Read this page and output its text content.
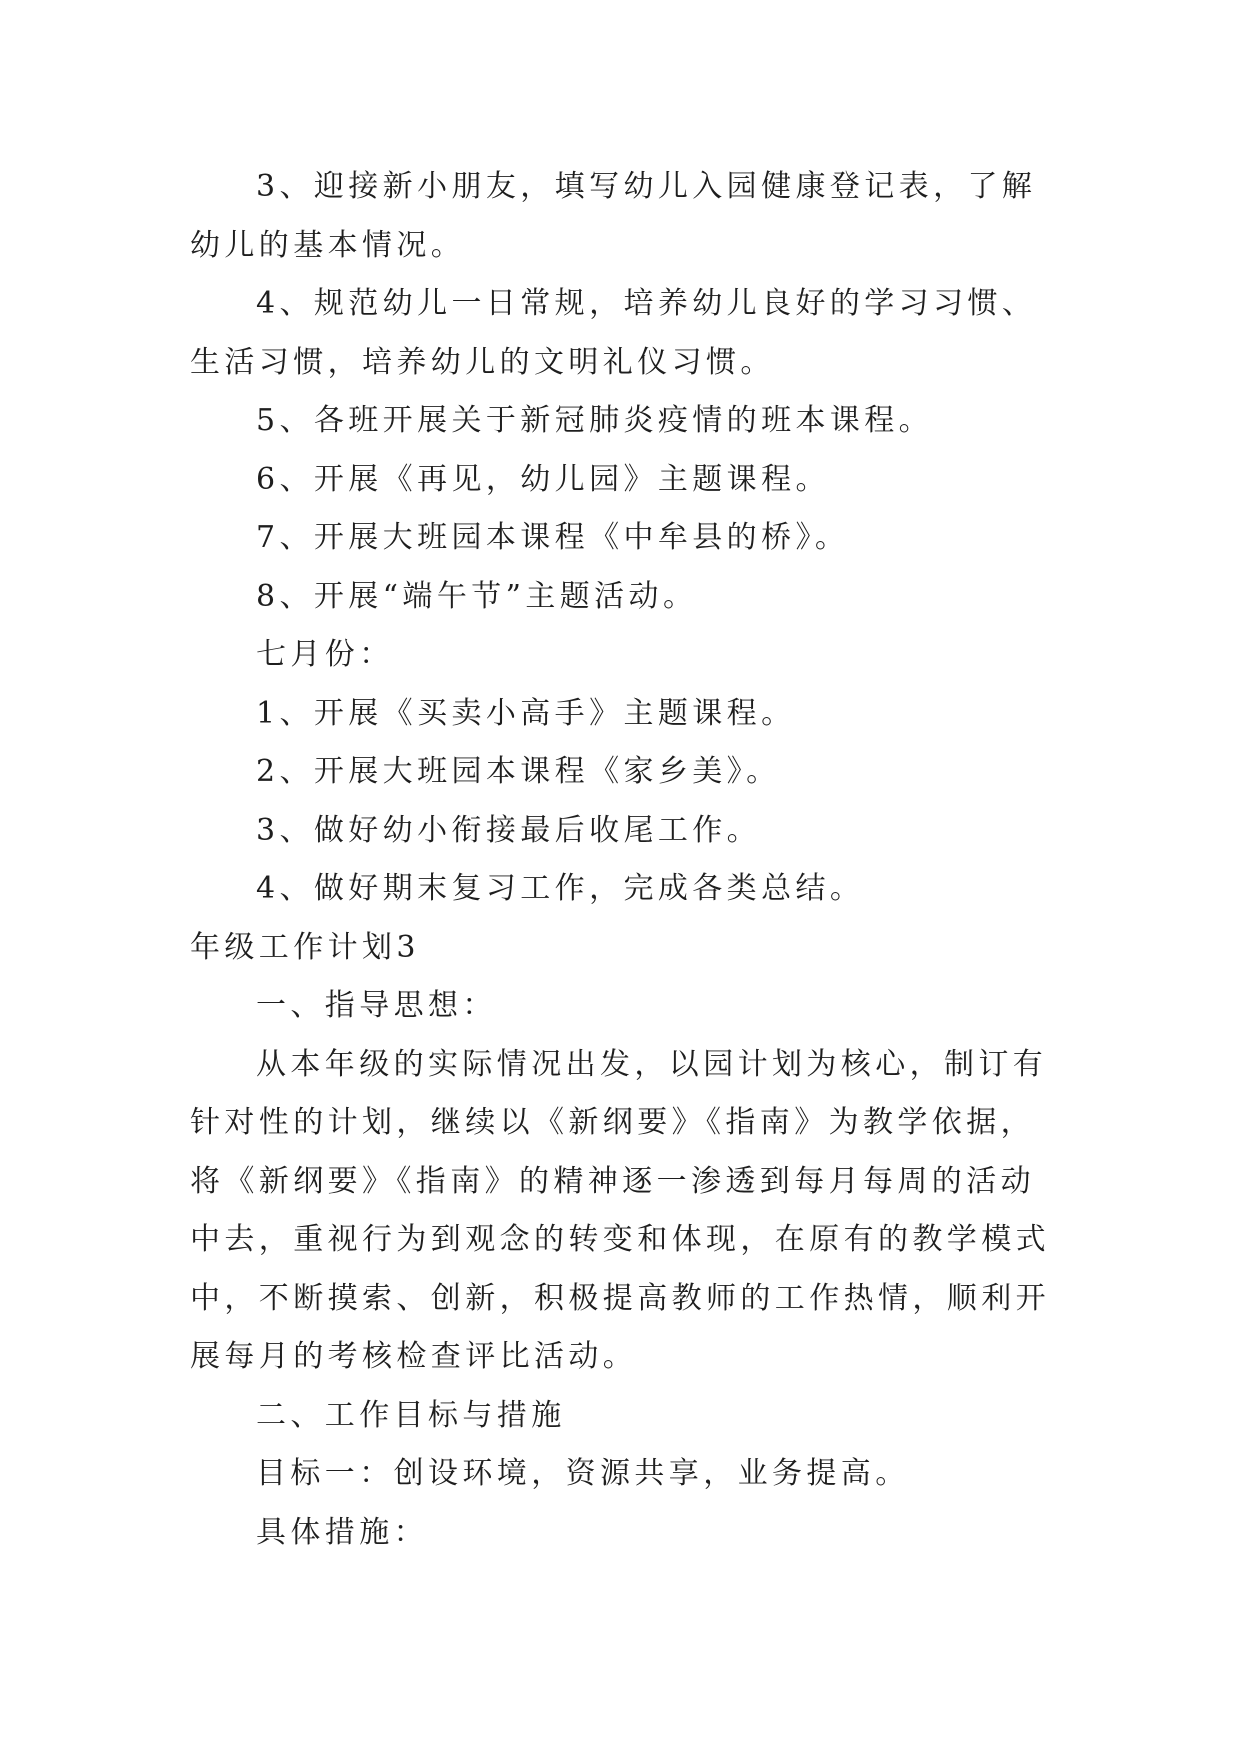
3、迎接新小朋友，填写幼儿入园健康登记表，了解幼儿的基本情况。

4、规范幼儿一日常规，培养幼儿良好的学习习惯、生活习惯，培养幼儿的文明礼仪习惯。

5、各班开展关于新冠肺炎疫情的班本课程。

6、开展《再见，幼儿园》主题课程。

7、开展大班园本课程《中牟县的桥》。

8、开展“端午节”主题活动。

七月份：

1、开展《买卖小高手》主题课程。

2、开展大班园本课程《家乡美》。

3、做好幼小衔接最后收尾工作。

4、做好期末复习工作，完成各类总结。

年级工作计划3

一、指导思想：

从本年级的实际情况出发，以园计划为核心，制订有针对性的计划，继续以《新纲要》《指南》为教学依据，将《新纲要》《指南》的精神逐一渗透到每月每周的活动中去，重视行为到观念的转变和体现，在原有的教学模式中，不断摸索、创新，积极提高教师的工作热情，顺利开展每月的考核检查评比活动。

二、工作目标与措施

目标一：创设环境，资源共享，业务提高。

具体措施：
